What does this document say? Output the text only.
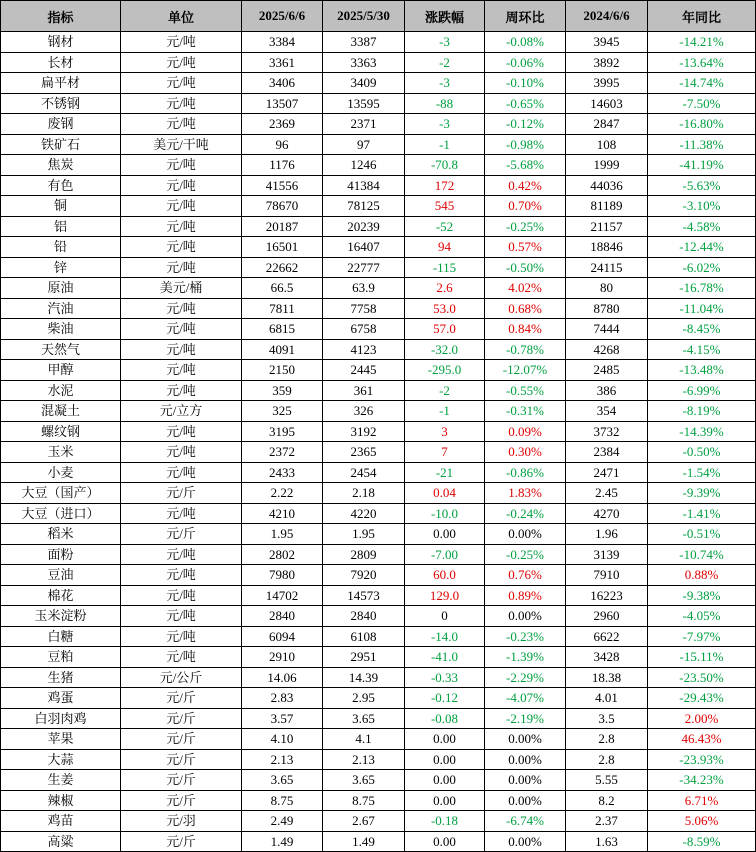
指标	单位	2025/6/6	2025/5/30	涨跌幅	周环比	2024/6/6	年同比
钢材	元/吨	3384	3387	-3	-0.08%	3945	-14.21%
长材	元/吨	3361	3363	-2	-0.06%	3892	-13.64%
扁平材	元/吨	3406	3409	-3	-0.10%	3995	-14.74%
不锈钢	元/吨	13507	13595	-88	-0.65%	14603	-7.50%
废钢	元/吨	2369	2371	-3	-0.12%	2847	-16.80%
铁矿石	美元/干吨	96	97	-1	-0.98%	108	-11.38%
焦炭	元/吨	1176	1246	-70.8	-5.68%	1999	-41.19%
有色	元/吨	41556	41384	172	0.42%	44036	-5.63%
铜	元/吨	78670	78125	545	0.70%	81189	-3.10%
铝	元/吨	20187	20239	-52	-0.25%	21157	-4.58%
铅	元/吨	16501	16407	94	0.57%	18846	-12.44%
锌	元/吨	22662	22777	-115	-0.50%	24115	-6.02%
原油	美元/桶	66.5	63.9	2.6	4.02%	80	-16.78%
汽油	元/吨	7811	7758	53.0	0.68%	8780	-11.04%
柴油	元/吨	6815	6758	57.0	0.84%	7444	-8.45%
天然气	元/吨	4091	4123	-32.0	-0.78%	4268	-4.15%
甲醇	元/吨	2150	2445	-295.0	-12.07%	2485	-13.48%
水泥	元/吨	359	361	-2	-0.55%	386	-6.99%
混凝土	元/立方	325	326	-1	-0.31%	354	-8.19%
螺纹钢	元/吨	3195	3192	3	0.09%	3732	-14.39%
玉米	元/吨	2372	2365	7	0.30%	2384	-0.50%
小麦	元/吨	2433	2454	-21	-0.86%	2471	-1.54%
大豆（国产）	元/斤	2.22	2.18	0.04	1.83%	2.45	-9.39%
大豆（进口）	元/吨	4210	4220	-10.0	-0.24%	4270	-1.41%
稻米	元/斤	1.95	1.95	0.00	0.00%	1.96	-0.51%
面粉	元/吨	2802	2809	-7.00	-0.25%	3139	-10.74%
豆油	元/吨	7980	7920	60.0	0.76%	7910	0.88%
棉花	元/吨	14702	14573	129.0	0.89%	16223	-9.38%
玉米淀粉	元/吨	2840	2840	0	0.00%	2960	-4.05%
白糖	元/吨	6094	6108	-14.0	-0.23%	6622	-7.97%
豆粕	元/吨	2910	2951	-41.0	-1.39%	3428	-15.11%
生猪	元/公斤	14.06	14.39	-0.33	-2.29%	18.38	-23.50%
鸡蛋	元/斤	2.83	2.95	-0.12	-4.07%	4.01	-29.43%
白羽肉鸡	元/斤	3.57	3.65	-0.08	-2.19%	3.5	2.00%
苹果	元/斤	4.10	4.1	0.00	0.00%	2.8	46.43%
大蒜	元/斤	2.13	2.13	0.00	0.00%	2.8	-23.93%
生姜	元/斤	3.65	3.65	0.00	0.00%	5.55	-34.23%
辣椒	元/斤	8.75	8.75	0.00	0.00%	8.2	6.71%
鸡苗	元/羽	2.49	2.67	-0.18	-6.74%	2.37	5.06%
高粱	元/斤	1.49	1.49	0.00	0.00%	1.63	-8.59%
